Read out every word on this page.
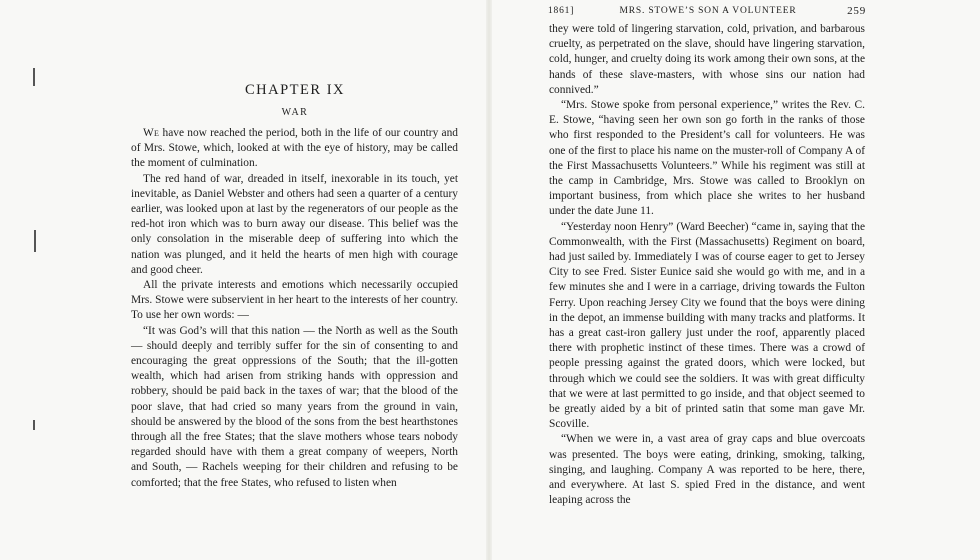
CHAPTER IX
WAR

We have now reached the period, both in the life of our country and of Mrs. Stowe, which, looked at with the eye of history, may be called the moment of culmination.

The red hand of war, dreaded in itself, inexorable in its touch, yet inevitable, as Daniel Webster and others had seen a quarter of a century earlier, was looked upon at last by the regenerators of our people as the red-hot iron which was to burn away our disease. This belief was the only consolation in the miserable deep of suffering into which the nation was plunged, and it held the hearts of men high with courage and good cheer.

All the private interests and emotions which necessarily occupied Mrs. Stowe were subservient in her heart to the interests of her country. To use her own words: —

“It was God’s will that this nation — the North as well as the South — should deeply and terribly suffer for the sin of consenting to and encouraging the great oppressions of the South; that the ill-gotten wealth, which had arisen from striking hands with oppression and robbery, should be paid back in the taxes of war; that the blood of the poor slave, that had cried so many years from the ground in vain, should be answered by the blood of the sons from the best hearthstones through all the free States; that the slave mothers whose tears nobody regarded should have with them a great company of weepers, North and South, — Rachels weeping for their children and refusing to be comforted; that the free States, who refused to listen when

1861]	MRS. STOWE’S SON A VOLUNTEER	259

they were told of lingering starvation, cold, privation, and barbarous cruelty, as perpetrated on the slave, should have lingering starvation, cold, hunger, and cruelty doing its work among their own sons, at the hands of these slave-masters, with whose sins our nation had connived.”

“Mrs. Stowe spoke from personal experience,” writes the Rev. C. E. Stowe, “having seen her own son go forth in the ranks of those who first responded to the President’s call for volunteers. He was one of the first to place his name on the muster-roll of Company A of the First Massachusetts Volunteers.” While his regiment was still at the camp in Cambridge, Mrs. Stowe was called to Brooklyn on important business, from which place she writes to her husband under the date June 11.

“Yesterday noon Henry” (Ward Beecher) “came in, saying that the Commonwealth, with the First (Massachusetts) Regiment on board, had just sailed by. Immediately I was of course eager to get to Jersey City to see Fred. Sister Eunice said she would go with me, and in a few minutes she and I were in a carriage, driving towards the Fulton Ferry. Upon reaching Jersey City we found that the boys were dining in the depot, an immense building with many tracks and platforms. It has a great cast-iron gallery just under the roof, apparently placed there with prophetic instinct of these times. There was a crowd of people pressing against the grated doors, which were locked, but through which we could see the soldiers. It was with great difficulty that we were at last permitted to go inside, and that object seemed to be greatly aided by a bit of printed satin that some man gave Mr. Scoville.

“When we were in, a vast area of gray caps and blue overcoats was presented. The boys were eating, drinking, smoking, talking, singing, and laughing. Company A was reported to be here, there, and everywhere. At last S. spied Fred in the distance, and went leaping across the
